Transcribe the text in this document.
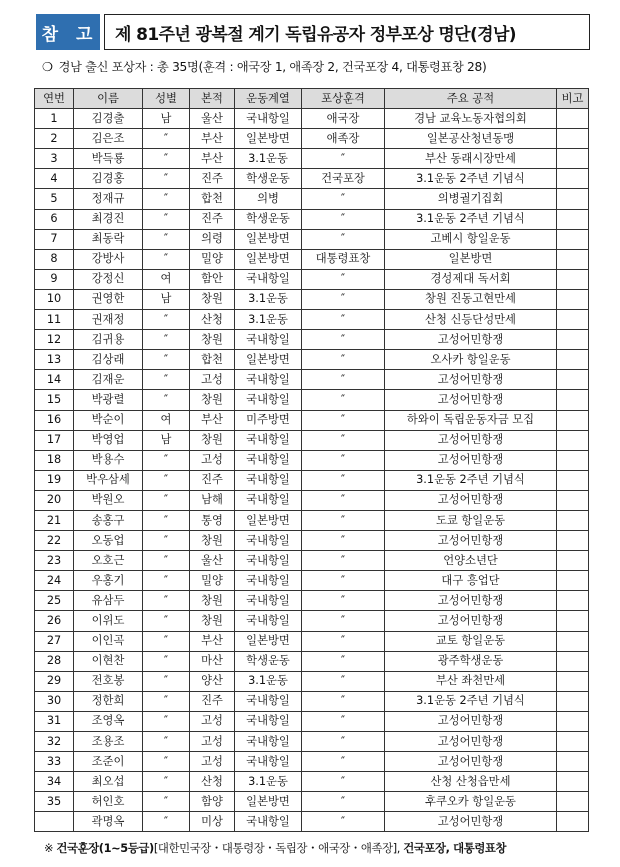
참 고 제 81주년 광복절 계기 독립유공자 정부포상 명단(경남)
❍ 경남 출신 포상자 : 총 35명(훈격 : 애국장 1, 애족장 2, 건국포장 4, 대통령표창 28)
연번	이름	성별	본적	운동계열	포상훈격	주요 공적	비고
1	김경출	남	울산	국내항일	애국장	경남 교육노동자협의회	
2	김은조	″	부산	일본방면	애족장	일본공산청년동맹	
3	박득룡	″	부산	3.1운동	″	부산 동래시장만세	
4	김경홍	″	진주	학생운동	건국포장	3.1운동 2주년 기념식	
5	정재규	″	합천	의병	″	의병궐기집회	
6	최경진	″	진주	학생운동	″	3.1운동 2주년 기념식	
7	최동락	″	의령	일본방면	″	고베시 항일운동	
8	강방사	″	밀양	일본방면	대통령표창	일본방면	
9	강정신	여	함안	국내항일	″	경성제대 독서회	
10	권영한	남	창원	3.1운동	″	창원 진동고현만세	
11	권재정	″	산청	3.1운동	″	산청 신등단성만세	
12	김귀용	″	창원	국내항일	″	고성어민항쟁	
13	김상래	″	합천	일본방면	″	오사카 항일운동	
14	김재운	″	고성	국내항일	″	고성어민항쟁	
15	박광렬	″	창원	국내항일	″	고성어민항쟁	
16	박순이	여	부산	미주방면	″	하와이 독립운동자금 모집	
17	박영업	남	창원	국내항일	″	고성어민항쟁	
18	박용수	″	고성	국내항일	″	고성어민항쟁	
19	박우삼세	″	진주	국내항일	″	3.1운동 2주년 기념식	
20	박원오	″	남해	국내항일	″	고성어민항쟁	
21	송홍구	″	통영	일본방면	″	도쿄 항일운동	
22	오동업	″	창원	국내항일	″	고성어민항쟁	
23	오호근	″	울산	국내항일	″	언양소년단	
24	우홍기	″	밀양	국내항일	″	대구 흥업단	
25	유삼두	″	창원	국내항일	″	고성어민항쟁	
26	이위도	″	창원	국내항일	″	고성어민항쟁	
27	이인곡	″	부산	일본방면	″	교토 항일운동	
28	이현찬	″	마산	학생운동	″	광주학생운동	
29	전호봉	″	양산	3.1운동	″	부산 좌천만세	
30	정한희	″	진주	국내항일	″	3.1운동 2주년 기념식	
31	조영옥	″	고성	국내항일	″	고성어민항쟁	
32	조용조	″	고성	국내항일	″	고성어민항쟁	
33	조준이	″	고성	국내항일	″	고성어민항쟁	
34	최오섭	″	산청	3.1운동	″	산청 산청읍만세	
35	허인호	″	함양	일본방면	″	후쿠오카 항일운동	
	곽명옥	″	미상	국내항일	″	고성어민항쟁	
※ 건국훈장(1~5등급)[대한민국장・대통령장・독립장・애국장・애족장], 건국포장, 대통령표창
